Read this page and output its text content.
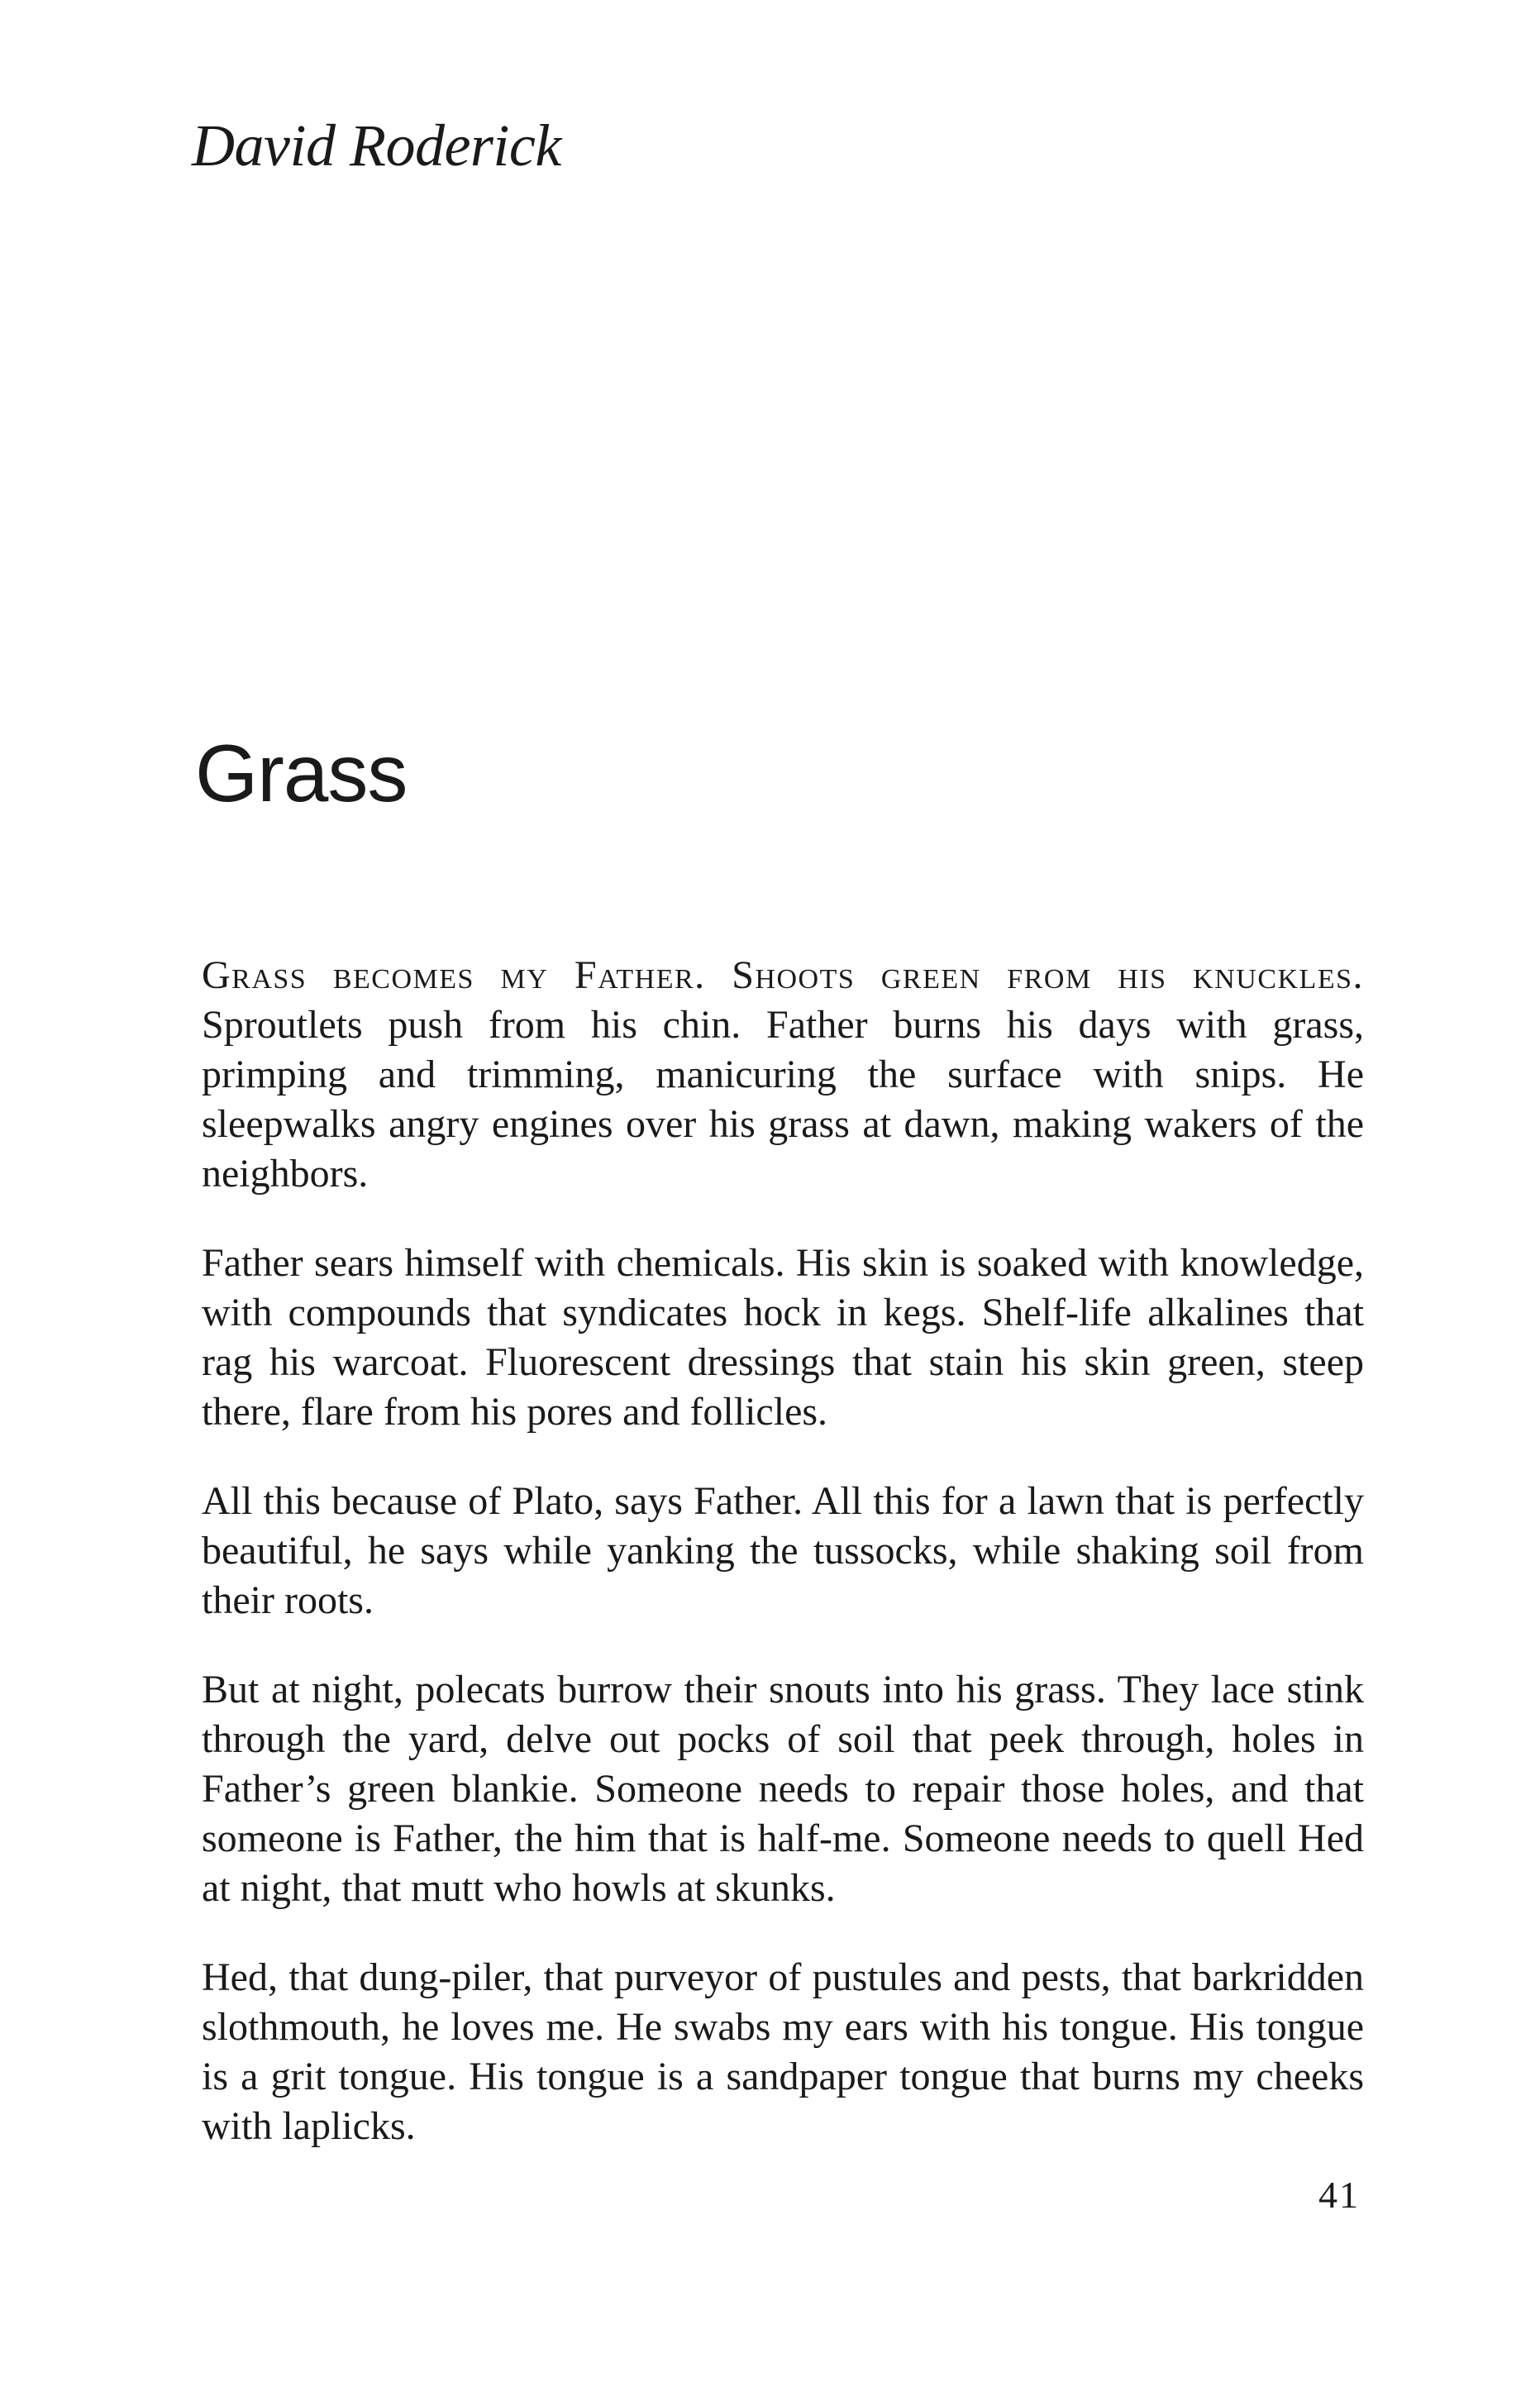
David Roderick
Grass

Grass becomes my Father. Shoots green from his knuckles. Sproutlets push from his chin. Father burns his days with grass, primping and trimming, manicuring the surface with snips. He sleepwalks angry engines over his grass at dawn, making wakers of the neighbors.

Father sears himself with chemicals. His skin is soaked with knowledge, with compounds that syndicates hock in kegs. Shelf-life alkalines that rag his warcoat. Fluorescent dressings that stain his skin green, steep there, flare from his pores and follicles.

All this because of Plato, says Father. All this for a lawn that is perfectly beautiful, he says while yanking the tussocks, while shaking soil from their roots.

But at night, polecats burrow their snouts into his grass. They lace stink through the yard, delve out pocks of soil that peek through, holes in Father’s green blankie. Someone needs to repair those holes, and that someone is Father, the him that is half-me. Someone needs to quell Hed at night, that mutt who howls at skunks.

Hed, that dung-piler, that purveyor of pustules and pests, that barkridden slothmouth, he loves me. He swabs my ears with his tongue. His tongue is a grit tongue. His tongue is a sandpaper tongue that burns my cheeks with laplicks.

41
